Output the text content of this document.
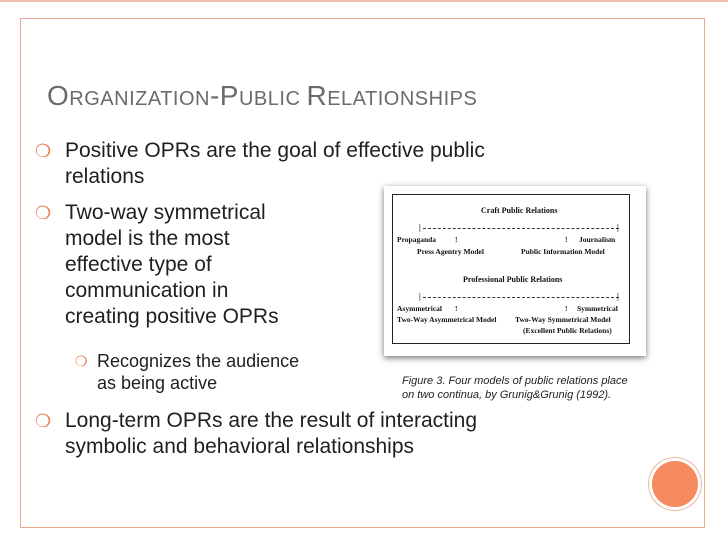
ORGANIZATION-PUBLIC RELATIONSHIPS
❍ Positive OPRs are the goal of effective public
relations
❍ Two-way symmetrical
model is the most
effective type of
communication in
creating positive OPRs
❍ Recognizes the audience
as being active
❍ Long-term OPRs are the result of interacting
symbolic and behavioral relationships
Craft Public Relations
|	|
Propaganda	!	! Journalism
Press Agentry Model	Public Information Model
Professional Public Relations
|	|
Asymmetrical !	! Symmetrical
Two-Way Asymmetrical Model Two-Way Symmetrical Model
(Excellent Public Relations)
Figure 3. Four models of public relations place
on two continua, by Grunig&Grunig (1992).
